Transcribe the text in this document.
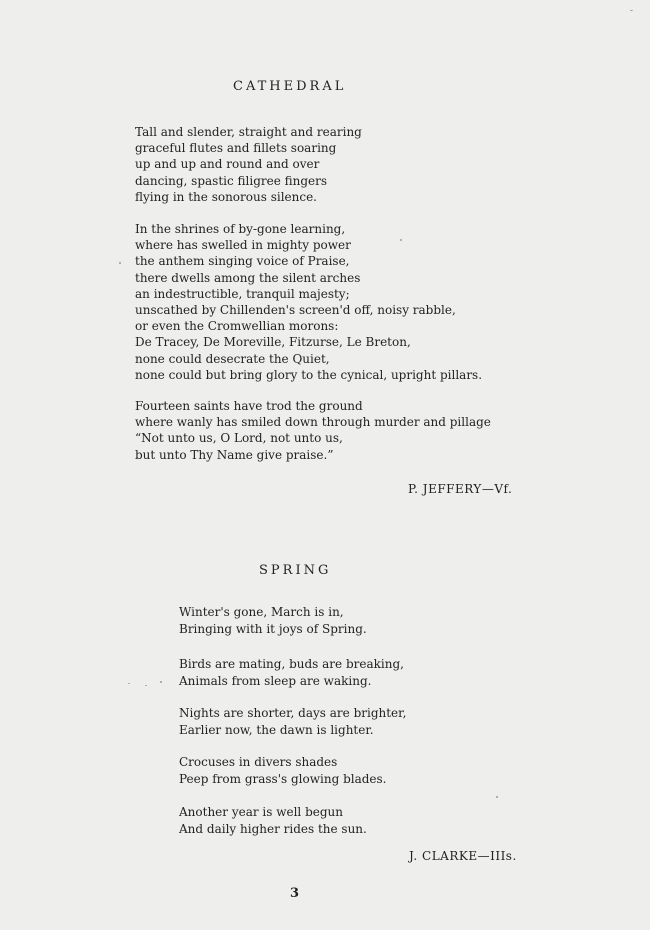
CATHEDRAL
Tall and slender, straight and rearing
graceful flutes and fillets soaring
up and up and round and over
dancing, spastic filigree fingers
flying in the sonorous silence.
In the shrines of by-gone learning,
where has swelled in mighty power
the anthem singing voice of Praise,
there dwells among the silent arches
an indestructible, tranquil majesty;
unscathed by Chillenden's screen'd off, noisy rabble,
or even the Cromwellian morons:
De Tracey, De Moreville, Fitzurse, Le Breton,
none could desecrate the Quiet,
none could but bring glory to the cynical, upright pillars.
Fourteen saints have trod the ground
where wanly has smiled down through murder and pillage
“Not unto us, O Lord, not unto us,
but unto Thy Name give praise.”
P. JEFFERY—Vf.
SPRING
Winter's gone, March is in,
Bringing with it joys of Spring.
Birds are mating, buds are breaking,
Animals from sleep are waking.
Nights are shorter, days are brighter,
Earlier now, the dawn is lighter.
Crocuses in divers shades
Peep from grass's glowing blades.
Another year is well begun
And daily higher rides the sun.
J. CLARKE—IIIs.
3
